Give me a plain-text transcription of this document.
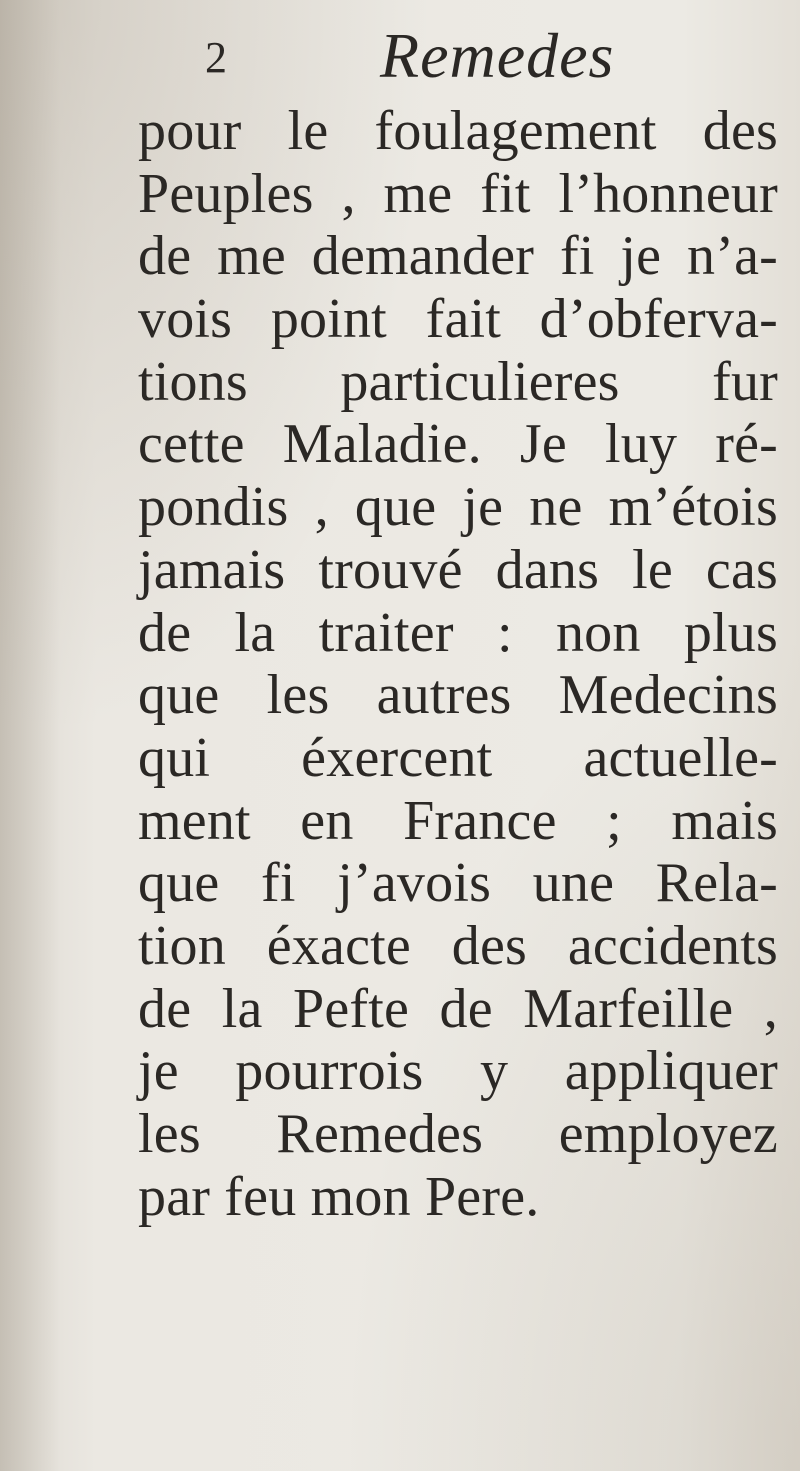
2 Remedes
pour le foulagement des
Peuples , me fit l’honneur
de me demander fi je n’a-
vois point fait d’obferva-
tions particulieres fur
cette Maladie. Je luy ré-
pondis , que je ne m’étois
jamais trouvé dans le cas
de la traiter : non plus
que les autres Medecins
qui éxercent actuelle-
ment en France ; mais
que fi j’avois une Rela-
tion éxacte des accidents
de la Pefte de Marfeille ,
je pourrois y appliquer
les Remedes employez
par feu mon Pere.
